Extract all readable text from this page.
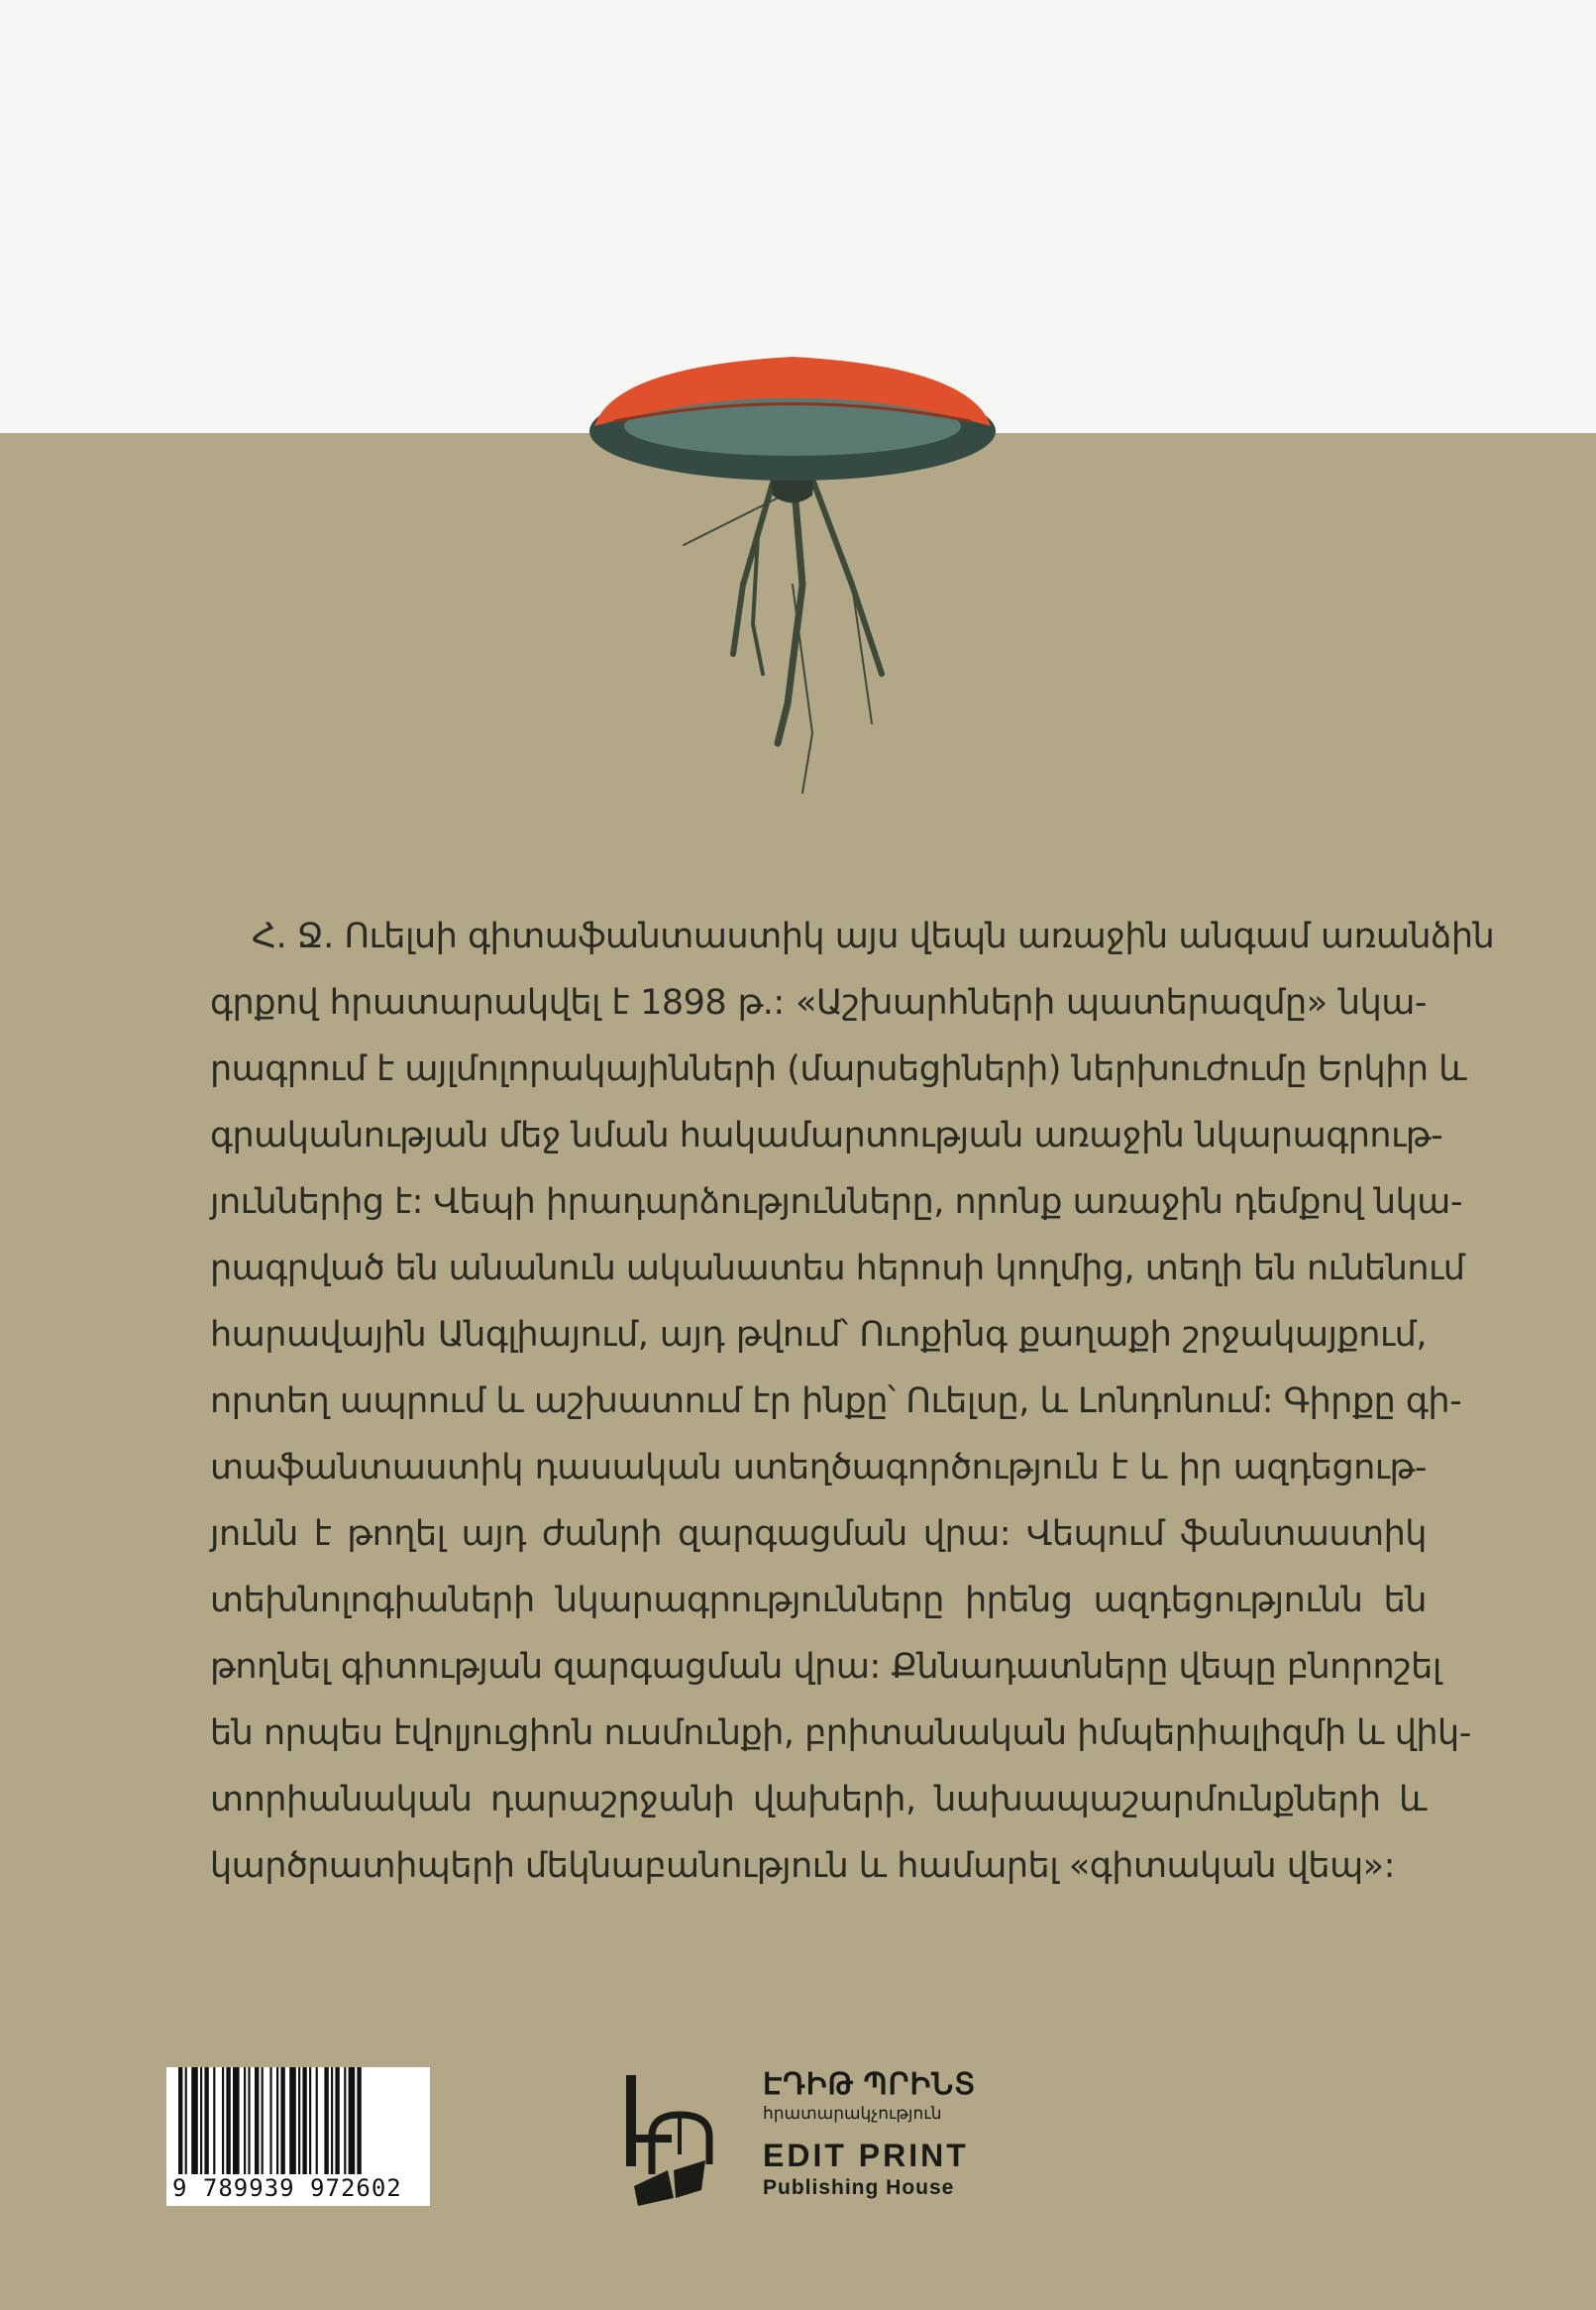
Հ. Ջ. Ուելսի գիտաֆանտաստիկ այս վեպն առաջին անգամ առանձին
գրքով հրատարակվել է 1898 թ.: «Աշխարհների պատերազմը» նկա-
րագրում է այլմոլորակայինների (մարսեցիների) ներխուժումը Երկիր և
գրականության մեջ նման հակամարտության առաջին նկարագրութ-
յուններից է: Վեպի իրադարձությունները, որոնք առաջին դեմքով նկա-
րագրված են անանուն ականատես հերոսի կողմից, տեղի են ունենում
հարավային Անգլիայում, այդ թվում՝ Ուոքինգ քաղաքի շրջակայքում,
որտեղ ապրում և աշխատում էր ինքը՝ Ուելսը, և Լոնդոնում: Գիրքը գի-
տաֆանտաստիկ դասական ստեղծագործություն է և իր ազդեցութ-
յունն է թողել այդ ժանրի զարգացման վրա: Վեպում ֆանտաստիկ
տեխնոլոգիաների նկարագրությունները իրենց ազդեցությունն են
թողնել գիտության զարգացման վրա: Քննադատները վեպը բնորոշել
են որպես էվոլյուցիոն ուսմունքի, բրիտանական իմպերիալիզմի և վիկ-
տորիանական դարաշրջանի վախերի, նախապաշարմունքների և
կարծրատիպերի մեկնաբանություն և համարել «գիտական վեպ»:
9 789939 972602
ԷԴԻԹ ՊՐԻՆՏ
հրատարակչություն
EDIT PRINT
Publishing House
